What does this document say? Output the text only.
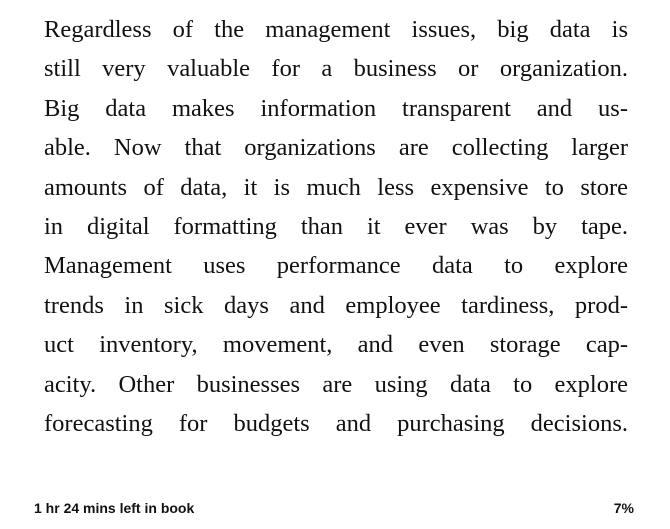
Regardless of the management issues, big data is
still very valuable for a business or organization.
Big data makes information transparent and us-
able. Now that organizations are collecting larger
amounts of data, it is much less expensive to store
in digital formatting than it ever was by tape.
Management uses performance data to explore
trends in sick days and employee tardiness, prod-
uct inventory, movement, and even storage cap-
acity. Other businesses are using data to explore
forecasting for budgets and purchasing decisions.

1 hr 24 mins left in book	7%
